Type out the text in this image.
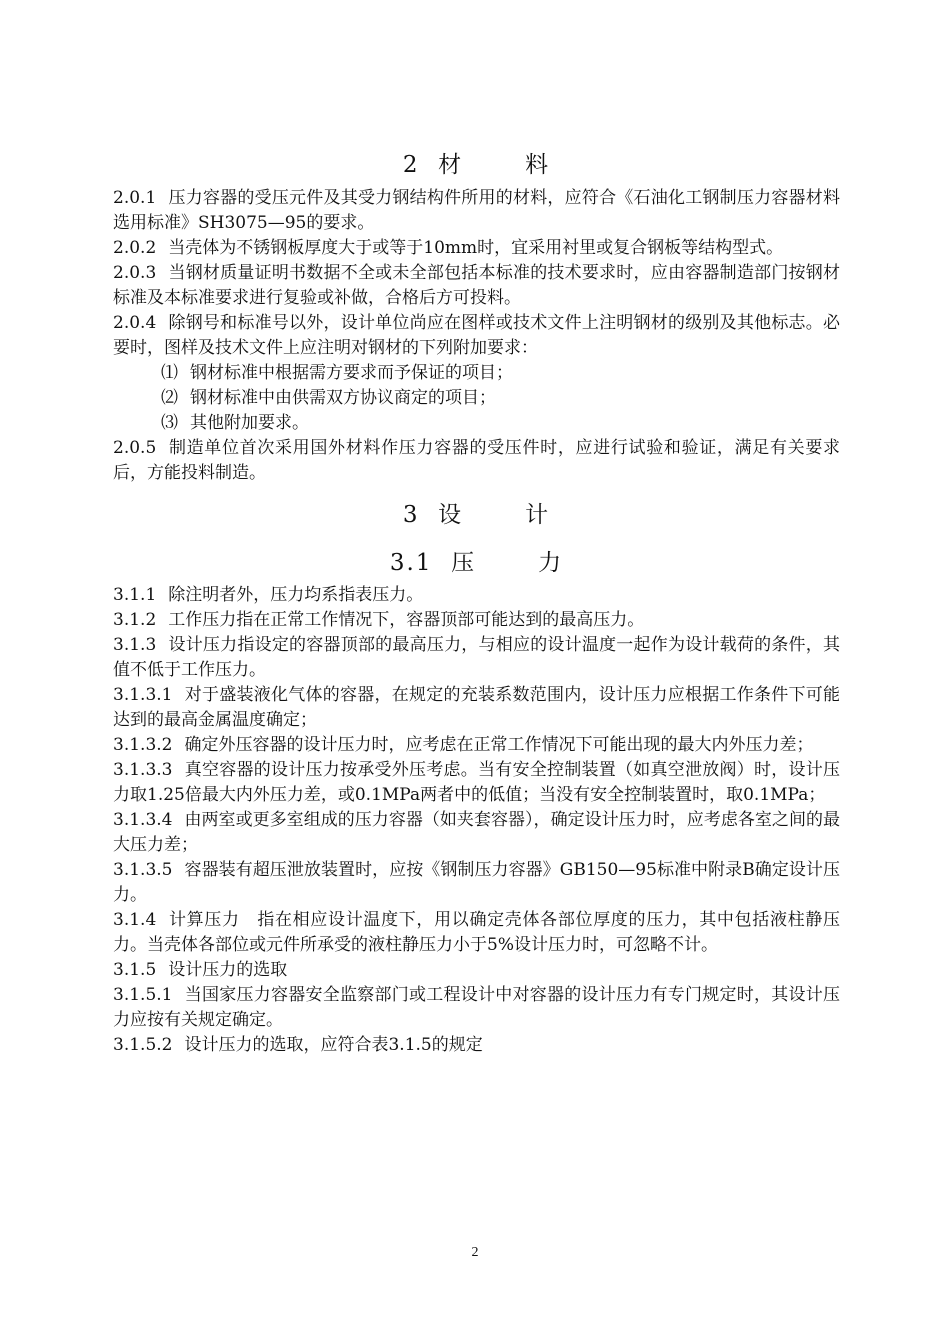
2 材	料

2.0.1 压力容器的受压元件及其受力钢结构件所用的材料，应符合《石油化工钢制压力容器材料选用标准》SH3075—95的要求。

2.0.2 当壳体为不锈钢板厚度大于或等于10mm时，宜采用衬里或复合钢板等结构型式。

2.0.3 当钢材质量证明书数据不全或未全部包括本标准的技术要求时，应由容器制造部门按钢材标准及本标准要求进行复验或补做，合格后方可投料。

2.0.4 除钢号和标准号以外，设计单位尚应在图样或技术文件上注明钢材的级别及其他标志。必要时，图样及技术文件上应注明对钢材的下列附加要求：

⑴ 钢材标准中根据需方要求而予保证的项目；

⑵ 钢材标准中由供需双方协议商定的项目；

⑶ 其他附加要求。

2.0.5 制造单位首次采用国外材料作压力容器的受压件时，应进行试验和验证，满足有关要求后，方能投料制造。

3 设	计
3.1 压	力

3.1.1 除注明者外，压力均系指表压力。

3.1.2 工作压力指在正常工作情况下，容器顶部可能达到的最高压力。

3.1.3 设计压力指设定的容器顶部的最高压力，与相应的设计温度一起作为设计载荷的条件，其值不低于工作压力。

3.1.3.1 对于盛装液化气体的容器，在规定的充装系数范围内，设计压力应根据工作条件下可能达到的最高金属温度确定；

3.1.3.2 确定外压容器的设计压力时，应考虑在正常工作情况下可能出现的最大内外压力差；

3.1.3.3 真空容器的设计压力按承受外压考虑。当有安全控制装置（如真空泄放阀）时，设计压力取1.25倍最大内外压力差，或0.1MPa两者中的低值；当没有安全控制装置时，取0.1MPa；

3.1.3.4 由两室或更多室组成的压力容器（如夹套容器），确定设计压力时，应考虑各室之间的最大压力差；

3.1.3.5 容器装有超压泄放装置时，应按《钢制压力容器》GB150—95标准中附录B确定设计压力。

3.1.4 计算压力　指在相应设计温度下，用以确定壳体各部位厚度的压力，其中包括液柱静压力。当壳体各部位或元件所承受的液柱静压力小于5%设计压力时，可忽略不计。

3.1.5 设计压力的选取

3.1.5.1 当国家压力容器安全监察部门或工程设计中对容器的设计压力有专门规定时，其设计压力应按有关规定确定。

3.1.5.2 设计压力的选取，应符合表3.1.5的规定

2
